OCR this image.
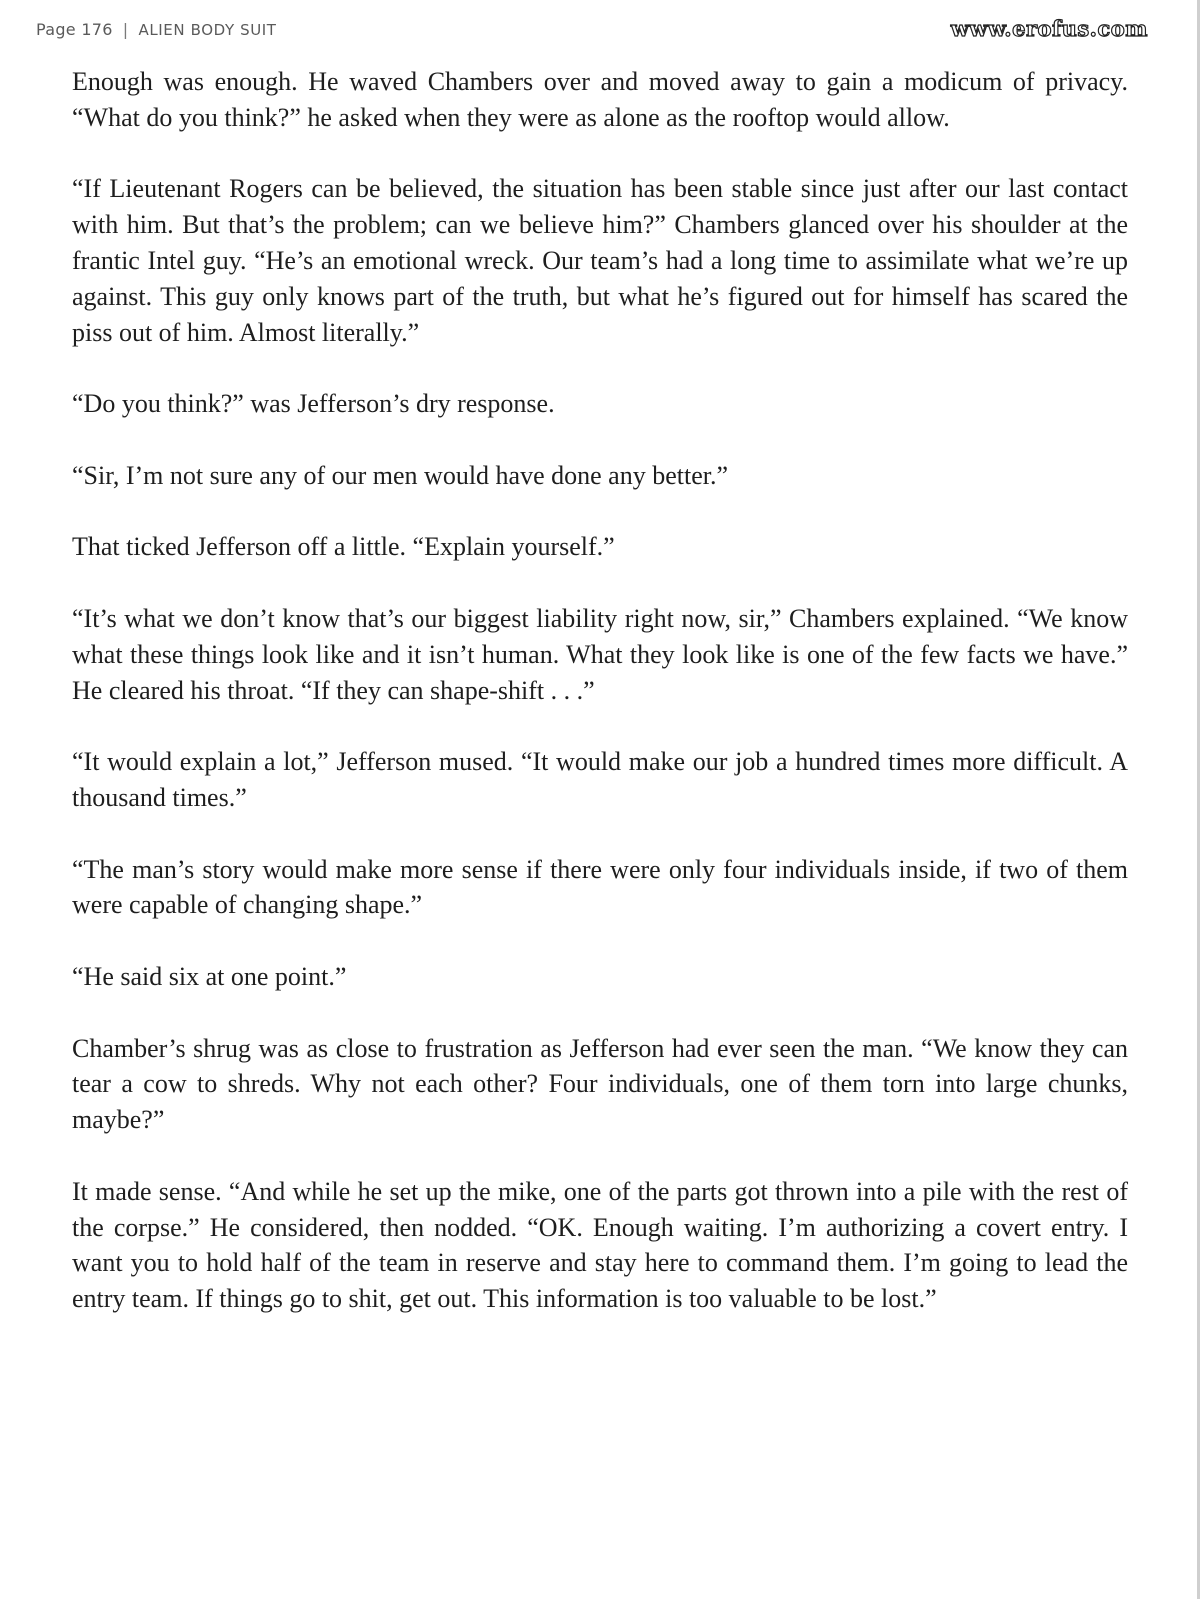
Page 176 | ALIEN BODY SUIT	www.erofus.com

Enough was enough. He waved Chambers over and moved away to gain a modicum of privacy. “What do you think?” he asked when they were as alone as the rooftop would allow.

“If Lieutenant Rogers can be believed, the situation has been stable since just after our last contact with him. But that’s the problem; can we believe him?” Chambers glanced over his shoulder at the frantic Intel guy. “He’s an emotional wreck. Our team’s had a long time to assimilate what we’re up against. This guy only knows part of the truth, but what he’s figured out for himself has scared the piss out of him. Almost literally.”

“Do you think?” was Jefferson’s dry response.

“Sir, I’m not sure any of our men would have done any better.”

That ticked Jefferson off a little. “Explain yourself.”

“It’s what we don’t know that’s our biggest liability right now, sir,” Chambers explained. “We know what these things look like and it isn’t human. What they look like is one of the few facts we have.” He cleared his throat. “If they can shape-shift . . .”

“It would explain a lot,” Jefferson mused. “It would make our job a hundred times more difficult. A thousand times.”

“The man’s story would make more sense if there were only four individuals inside, if two of them were capable of changing shape.”

“He said six at one point.”

Chamber’s shrug was as close to frustration as Jefferson had ever seen the man. “We know they can tear a cow to shreds. Why not each other? Four individuals, one of them torn into large chunks, maybe?”

It made sense. “And while he set up the mike, one of the parts got thrown into a pile with the rest of the corpse.” He considered, then nodded. “OK. Enough waiting. I’m authorizing a covert entry. I want you to hold half of the team in reserve and stay here to command them. I’m going to lead the entry team. If things go to shit, get out. This information is too valuable to be lost.”
